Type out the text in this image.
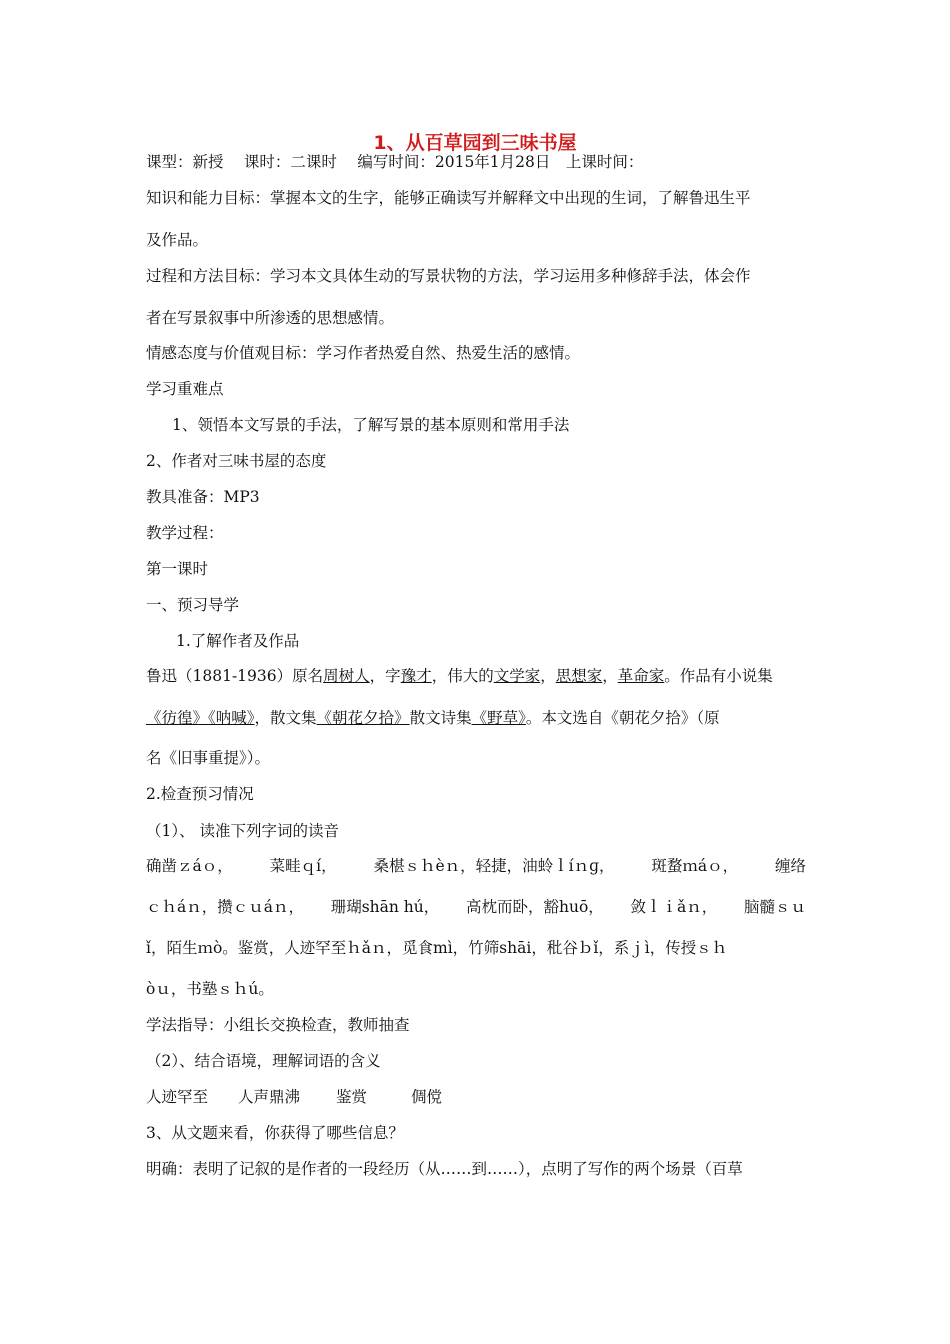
1、从百草园到三味书屋
课型：新授　 课时：二课时　 编写时间：2015年1月28日　上课时间：
知识和能力目标：掌握本文的生字，能够正确读写并解释文中出现的生词，了解鲁迅生平
及作品。
过程和方法目标：学习本文具体生动的写景状物的方法，学习运用多种修辞手法，体会作
者在写景叙事中所渗透的思想感情。
情感态度与价值观目标：学习作者热爱自然、热爱生活的感情。
学习重难点
1、领悟本文写景的手法，了解写景的基本原则和常用手法
2、作者对三味书屋的态度
教具准备：MP3
教学过程：
第一课时
一、预习导学
1.了解作者及作品
鲁迅（1881-1936）原名周树人，字豫才，伟大的文学家，思想家，革命家。作品有小说集
《彷徨》《呐喊》，散文集《朝花夕拾》散文诗集《野草》。本文选自《朝花夕拾》（原
名《旧事重提》）。
2.检查预习情况
（1）、 读准下列字词的读音
确凿ｚáｏ， 菜畦ｑí， 桑椹ｓｈèｎ，轻捷，油蛉ｌíｎɡ， 斑蝥ｍáｏ， 缠络
ｃｈáｎ，攒ｃｕáｎ， 珊瑚shān hú， 高枕而卧，豁huō， 敛ｌｉǎｎ， 脑髓ｓｕ
ǐ，陌生ｍò。鉴赏，人迹罕至ｈǎｎ，觅食mì，竹筛shāi，秕谷ｂǐ，系ｊì，传授ｓｈ
òｕ，书塾ｓｈú。
学法指导：小组长交换检查，教师抽查
（2）、结合语境，理解词语的含义
人迹罕至 人声鼎沸 鉴赏	倜傥
3、从文题来看，你获得了哪些信息？
明确：表明了记叙的是作者的一段经历（从……到……），点明了写作的两个场景（百草
